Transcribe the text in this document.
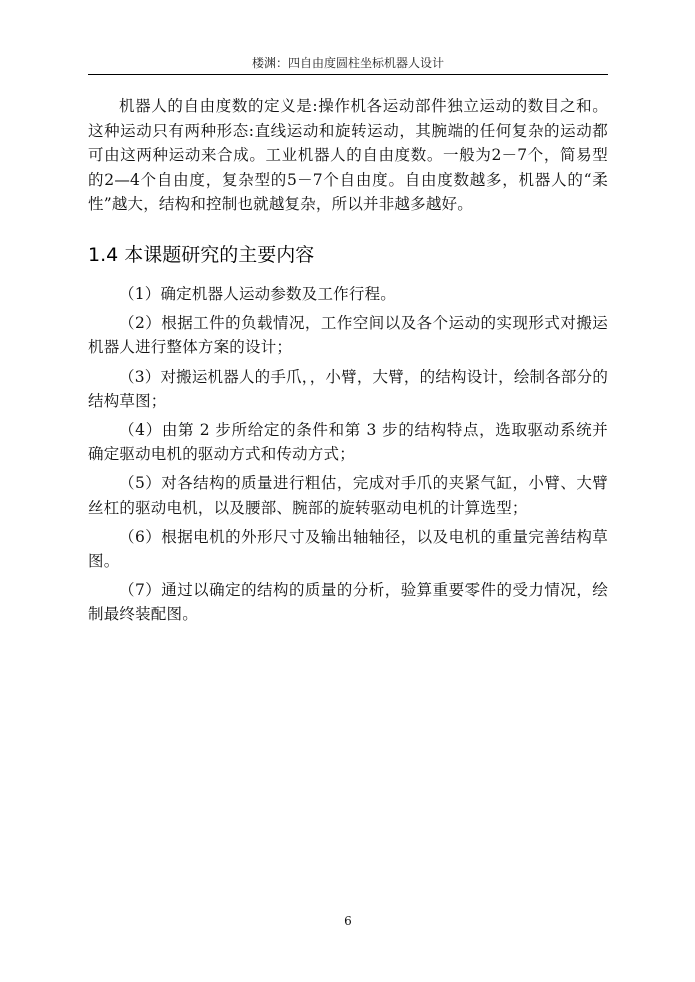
楼渊：四自由度圆柱坐标机器人设计

机器人的自由度数的定义是:操作机各运动部件独立运动的数目之和。这种运动只有两种形态:直线运动和旋转运动，其腕端的任何复杂的运动都可由这两种运动来合成。工业机器人的自由度数。一般为2－7个，简易型的2—4个自由度，复杂型的5－7个自由度。自由度数越多，机器人的“柔性”越大，结构和控制也就越复杂，所以并非越多越好。

1.4 本课题研究的主要内容

（1）确定机器人运动参数及工作行程。

（2）根据工件的负载情况，工作空间以及各个运动的实现形式对搬运机器人进行整体方案的设计；

（3）对搬运机器人的手爪，，小臂，大臂，的结构设计，绘制各部分的结构草图；

（4）由第 2 步所给定的条件和第 3 步的结构特点，选取驱动系统并确定驱动电机的驱动方式和传动方式；

（5）对各结构的质量进行粗估，完成对手爪的夹紧气缸，小臂、大臂丝杠的驱动电机，以及腰部、腕部的旋转驱动电机的计算选型；

（6）根据电机的外形尺寸及输出轴轴径，以及电机的重量完善结构草图。

（7）通过以确定的结构的质量的分析，验算重要零件的受力情况，绘制最终装配图。

6
